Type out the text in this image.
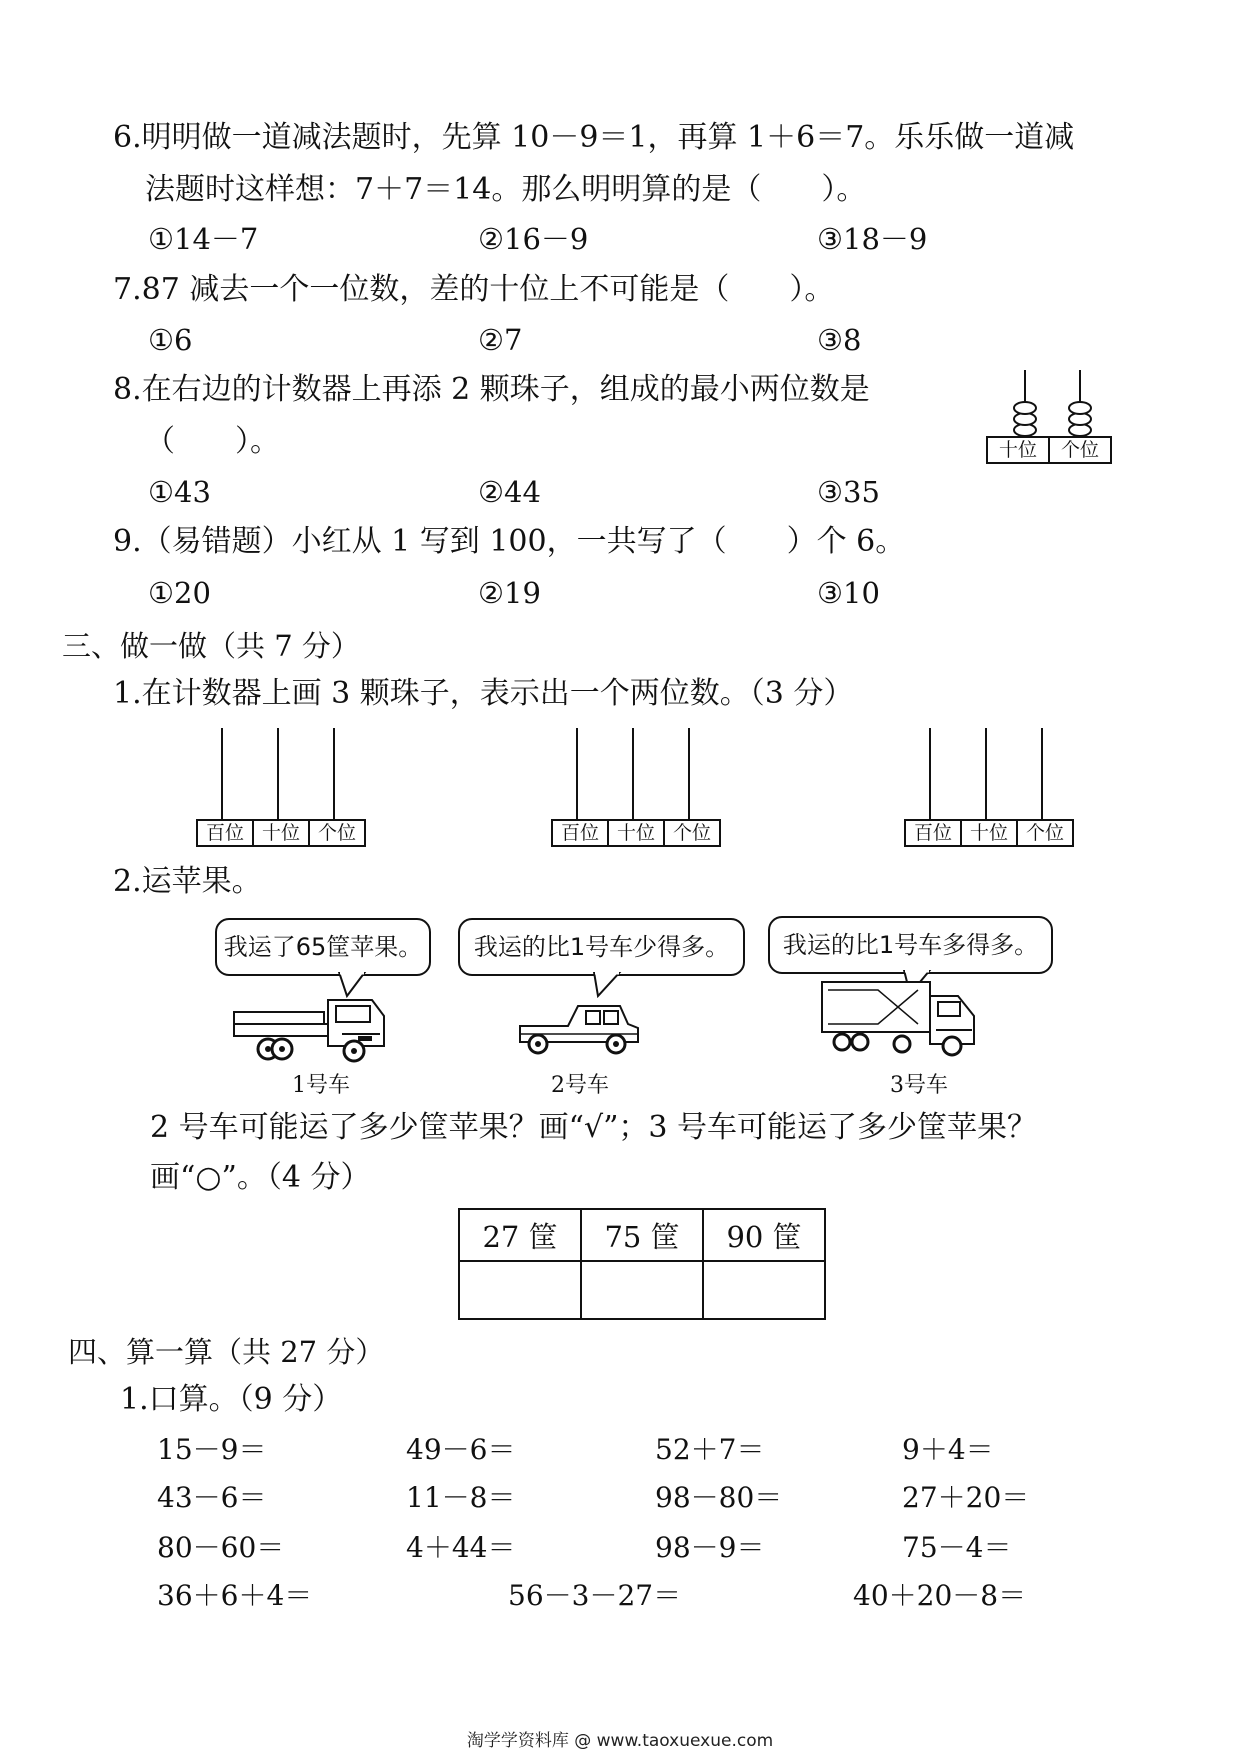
6.明明做一道减法题时，先算 10－9＝1，再算 1＋6＝7。乐乐做一道减
法题时这样想：7＋7＝14。那么明明算的是（　　）。
①14－7	②16－9	③18－9
7.87 减去一个一位数，差的十位上不可能是（　　）。
①6	②7	③8
8.在右边的计数器上再添 2 颗珠子，组成的最小两位数是
（　　）。
①43	②44	③35
十位	个位
9.（易错题）小红从 1 写到 100，一共写了（　　）个 6。
①20	②19	③10
三、做一做（共 7 分）
1.在计数器上画 3 颗珠子，表示出一个两位数。（3 分）
百位 十位 个位	百位 十位 个位	百位 十位 个位
2.运苹果。
我运了65筐苹果。	我运的比1号车少得多。	我运的比1号车多得多。
1号车	2号车	3号车
2 号车可能运了多少筐苹果？画“√”；3 号车可能运了多少筐苹果？
画“○”。（4 分）
27 筐	75 筐	90 筐

四、算一算（共 27 分）
1.口算。（9 分）
15－9＝	49－6＝	52＋7＝	9＋4＝
43－6＝	11－8＝	98－80＝	27＋20＝
80－60＝	4＋44＝	98－9＝	75－4＝
36＋6＋4＝	56－3－27＝	40＋20－8＝
淘学学资料库 @ www.taoxuexue.com
